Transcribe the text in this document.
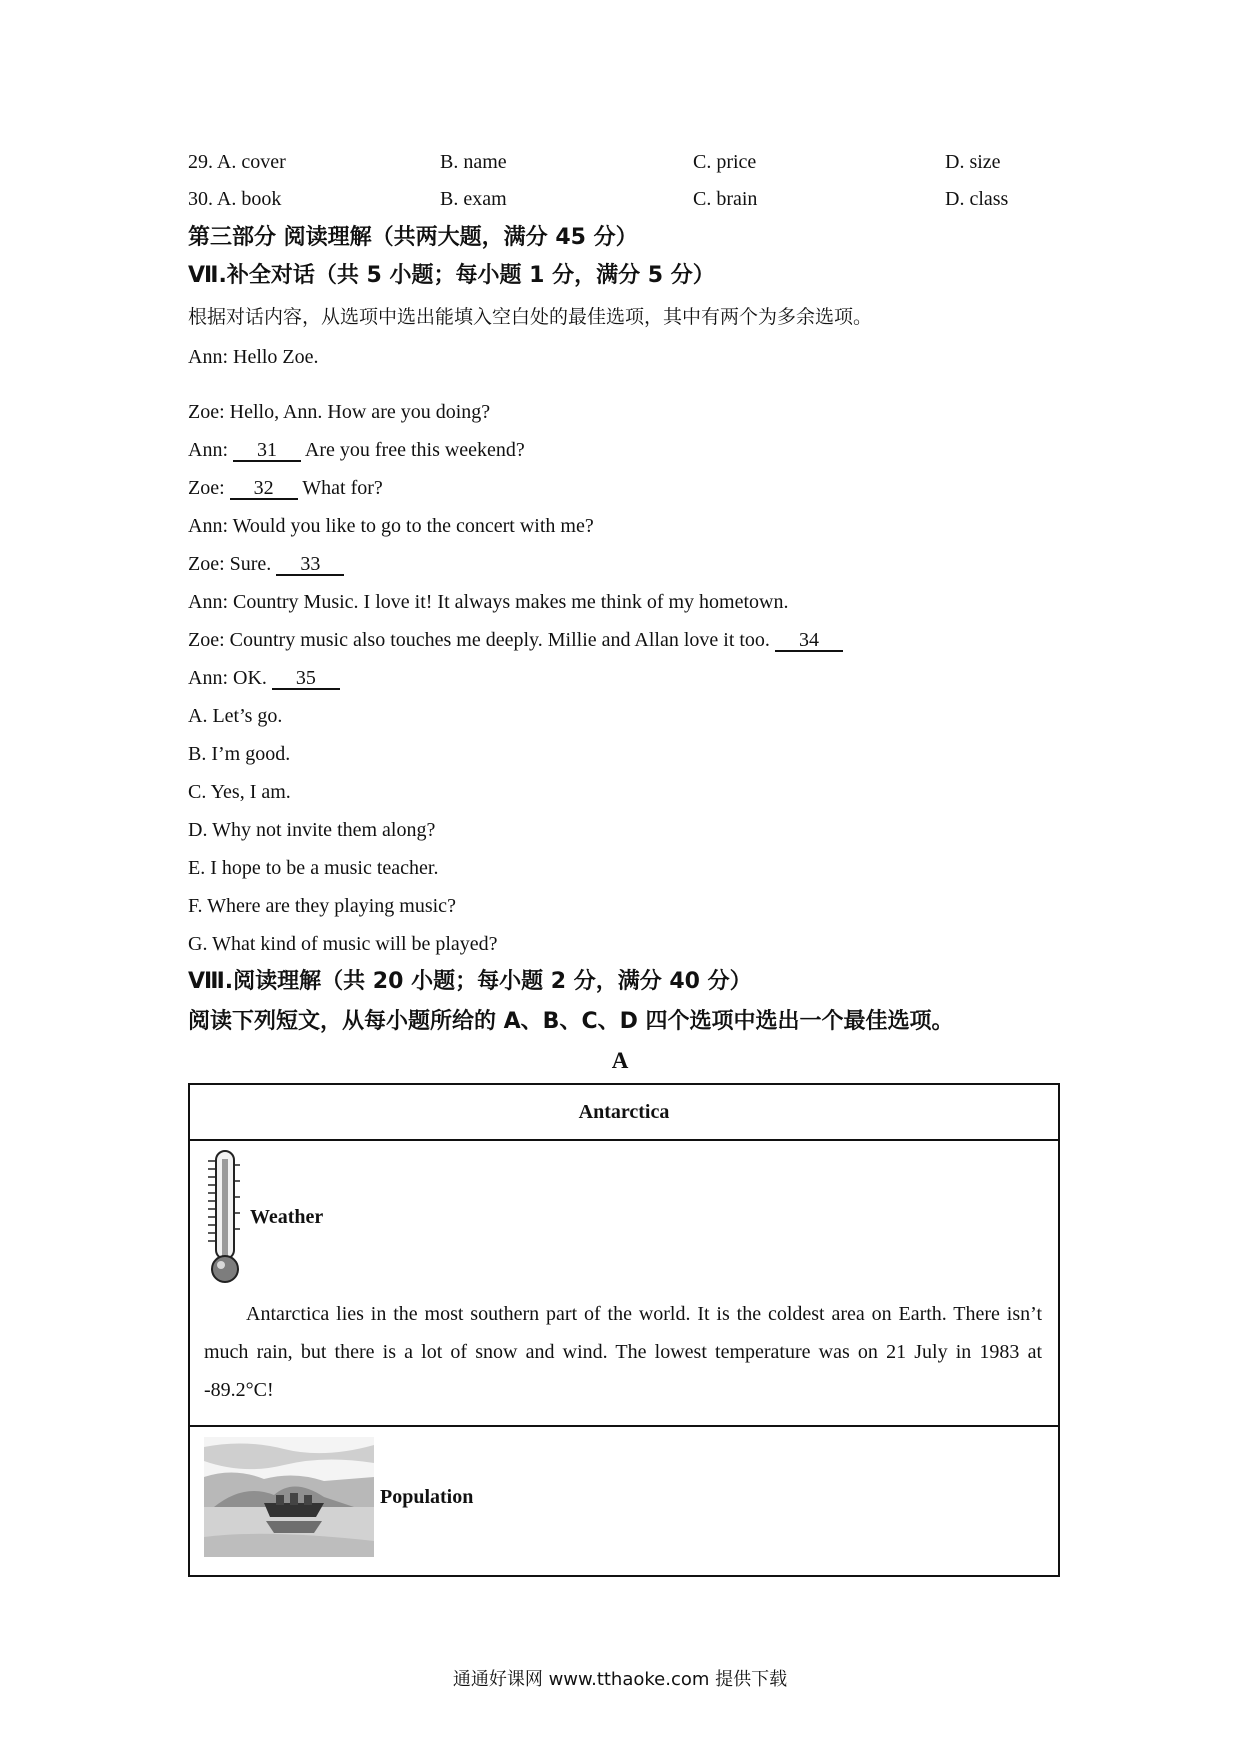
29. A. cover	B. name	C. price	D. size
30. A. book	B. exam	C. brain	D. class
第三部分 阅读理解（共两大题，满分 45 分）
Ⅶ.补全对话（共 5 小题；每小题 1 分，满分 5 分）
根据对话内容，从选项中选出能填入空白处的最佳选项，其中有两个为多余选项。
Ann: Hello Zoe.
Zoe: Hello, Ann. How are you doing?
Ann: 31 Are you free this weekend?
Zoe: 32 What for?
Ann: Would you like to go to the concert with me?
Zoe: Sure. 33
Ann: Country Music. I love it! It always makes me think of my hometown.
Zoe: Country music also touches me deeply. Millie and Allan love it too. 34
Ann: OK. 35
A. Let’s go.
B. I’m good.
C. Yes, I am.
D. Why not invite them along?
E. I hope to be a music teacher.
F. Where are they playing music?
G. What kind of music will be played?
Ⅷ.阅读理解（共 20 小题；每小题 2 分，满分 40 分）
阅读下列短文，从每小题所给的 A、B、C、D 四个选项中选出一个最佳选项。
A
Antarctica

Weather
Antarctica lies in the most southern part of the world. It is the coldest area on Earth. There isn’t much rain, but there is a lot of snow and wind. The lowest temperature was on 21 July in 1983 at -89.2°C!

Population
通通好课网 www.tthaoke.com 提供下载
